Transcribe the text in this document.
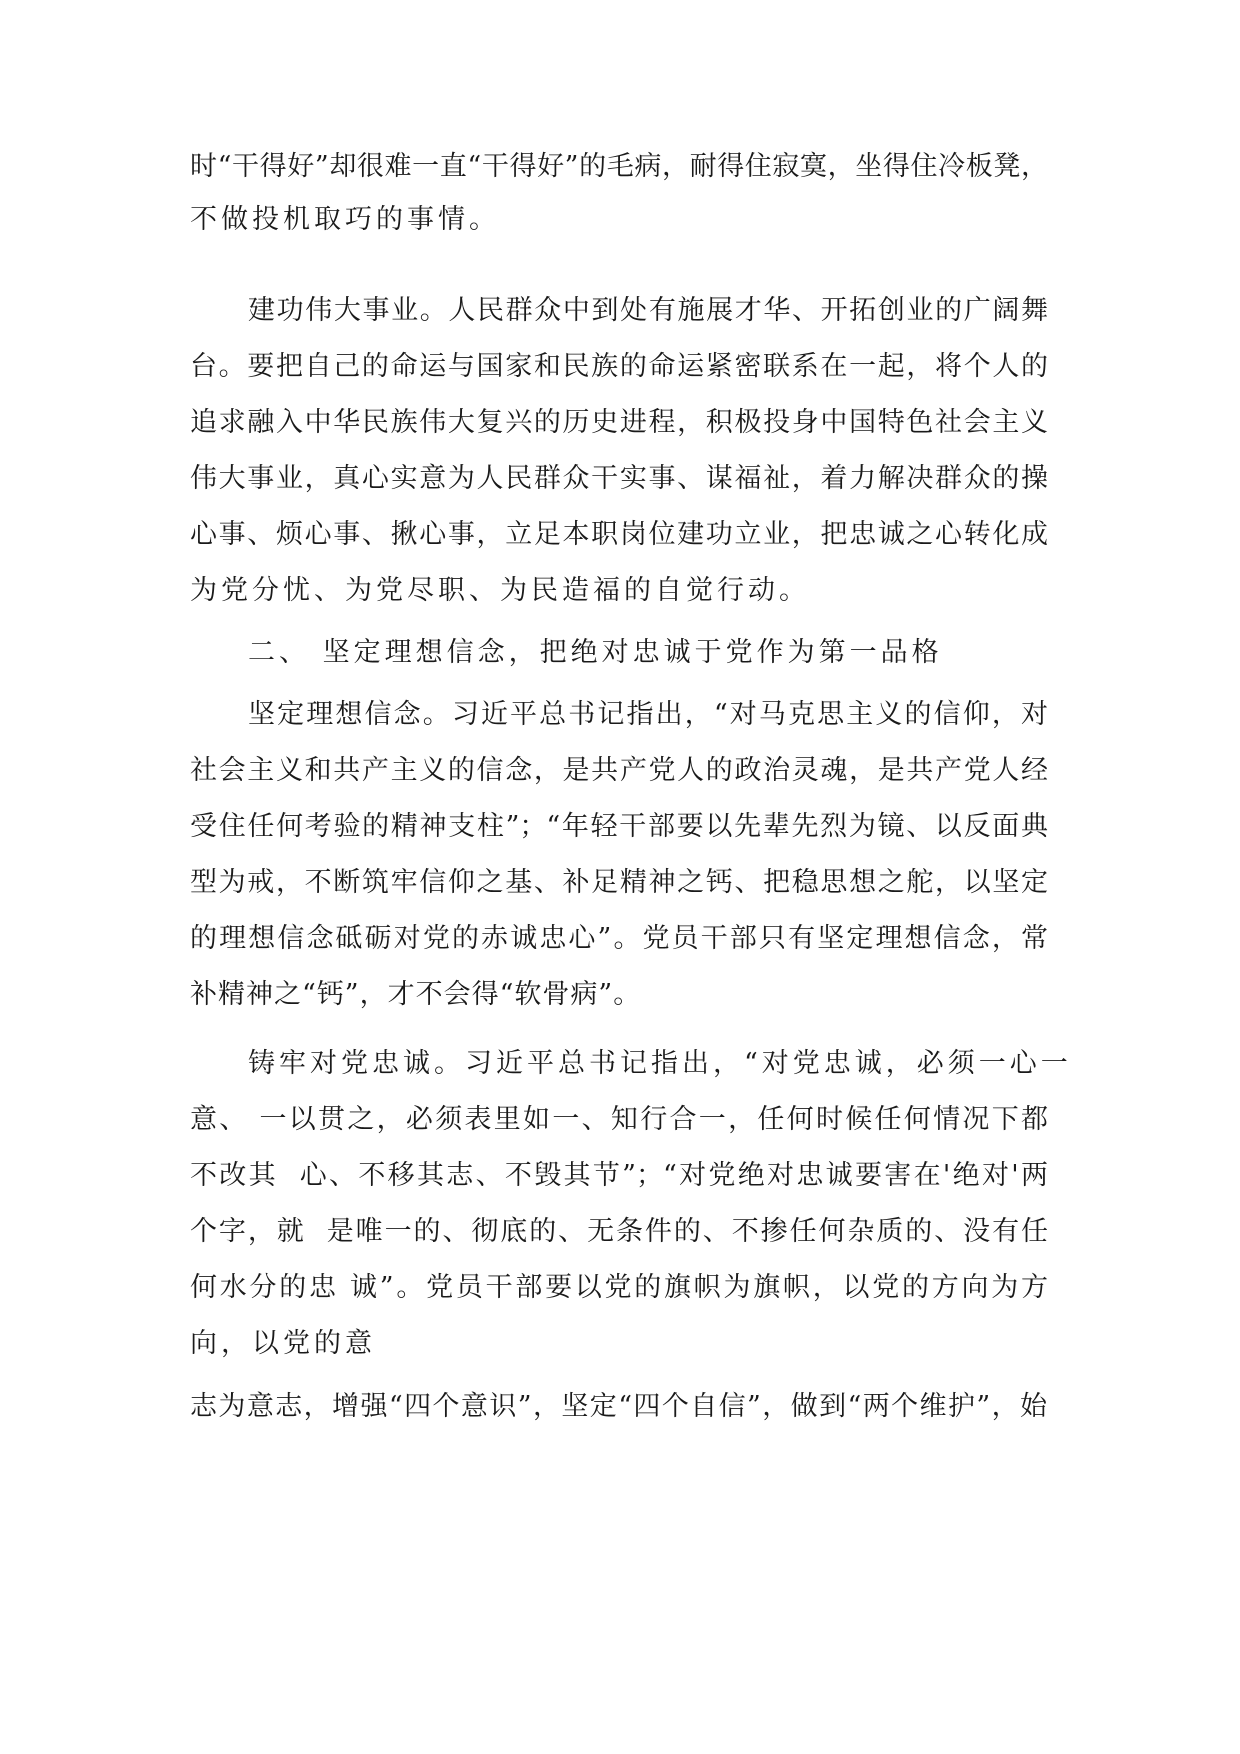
时“干得好”却很难一直“干得好”的毛病，耐得住寂寞，坐得住冷板凳，
不做投机取巧的事情。
建功伟大事业。人民群众中到处有施展才华、开拓创业的广阔舞
台。要把自己的命运与国家和民族的命运紧密联系在一起，将个人的
追求融入中华民族伟大复兴的历史进程，积极投身中国特色社会主义
伟大事业，真心实意为人民群众干实事、谋福祉，着力解决群众的操
心事、烦心事、揪心事，立足本职岗位建功立业，把忠诚之心转化成
为党分忧、为党尽职、为民造福的自觉行动。
二、 坚定理想信念，把绝对忠诚于党作为第一品格
坚定理想信念。习近平总书记指出，“对马克思主义的信仰，对
社会主义和共产主义的信念，是共产党人的政治灵魂，是共产党人经
受住任何考验的精神支柱”；“年轻干部要以先辈先烈为镜、以反面典
型为戒，不断筑牢信仰之基、补足精神之钙、把稳思想之舵，以坚定
的理想信念砥砺对党的赤诚忠心”。党员干部只有坚定理想信念，常
补精神之“钙”，才不会得“软骨病”。
铸牢对党忠诚。习近平总书记指出，“对党忠诚，必须一心一
意、 一以贯之，必须表里如一、知行合一，任何时候任何情况下都
不改其  心、不移其志、不毁其节”；“对党绝对忠诚要害在'绝对'两
个字，就  是唯一的、彻底的、无条件的、不掺任何杂质的、没有任
何水分的忠 诚”。党员干部要以党的旗帜为旗帜，以党的方向为方
向，以党的意
志为意志，增强“四个意识”，坚定“四个自信”，做到“两个维护”，始
